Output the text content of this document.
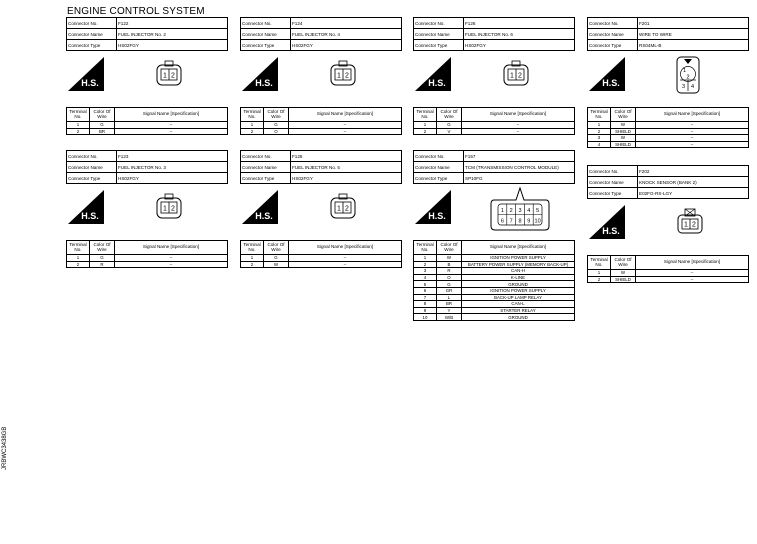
ENGINE CONTROL SYSTEM
Connector No.	F122
Connector Name	FUEL INJECTOR No. 2
Connector Type	HS02FGY
H.S.
1 2
Terminal No.	Color Of Wire	Signal Name [Specification]
1	G	–
2	BR	–
Connector No.	F124
Connector Name	FUEL INJECTOR No. 4
Connector Type	HS02FGY
H.S.
1 2
Terminal No.	Color Of Wire	Signal Name [Specification]
1	G	–
2	O	–
Connector No.	F126
Connector Name	FUEL INJECTOR No. 6
Connector Type	HS02FGY
H.S.
1 2
Terminal No.	Color Of Wire	Signal Name [Specification]
1	G	–
2	V	–
Connector No.	F201
Connector Name	WIRE TO WIRE
Connector Type	RS04ML-B
H.S.
1
2
3 4
Terminal No.	Color Of Wire	Signal Name [Specification]
1	W	–
2	SHIELD	–
3	W	–
4	SHIELD	–
Connector No.	F123
Connector Name	FUEL INJECTOR No. 3
Connector Type	HS02FGY
H.S.
1 2
Terminal No.	Color Of Wire	Signal Name [Specification]
1	G	–
2	R	–
Connector No.	F125
Connector Name	FUEL INJECTOR No. 5
Connector Type	HS02FGY
H.S.
1 2
Terminal No.	Color Of Wire	Signal Name [Specification]
1	G	–
2	W	–
Connector No.	F157
Connector Name	TCM (TRANSMISSION CONTROL MODULE)
Connector Type	SP10FG
H.S.	1 2 3 4 5
6 7 8 9 10
Terminal No.	Color Of Wire	Signal Name [Specification]
1	W	IGNITION POWER SUPPLY
2	B	BATTERY POWER SUPPLY (MEMORY BACK-UP)
3	R	CAN-H
4	O	K-LINE
5	G	GROUND
6	GR	IGNITION POWER SUPPLY
7	L	BACK-UP LAMP RELAY
8	BR	CAN-L
9	Y	STARTER RELAY
10	W/B	GROUND
Connector No.	F202
Connector Name	KNOCK SENSOR (BANK 2)
Connector Type	E02FG-RS-LGY
H.S.
1 2
Terminal No.	Color Of Wire	Signal Name [Specification]
1	W	–
2	SHIELD	–
JRBWC3438GB
